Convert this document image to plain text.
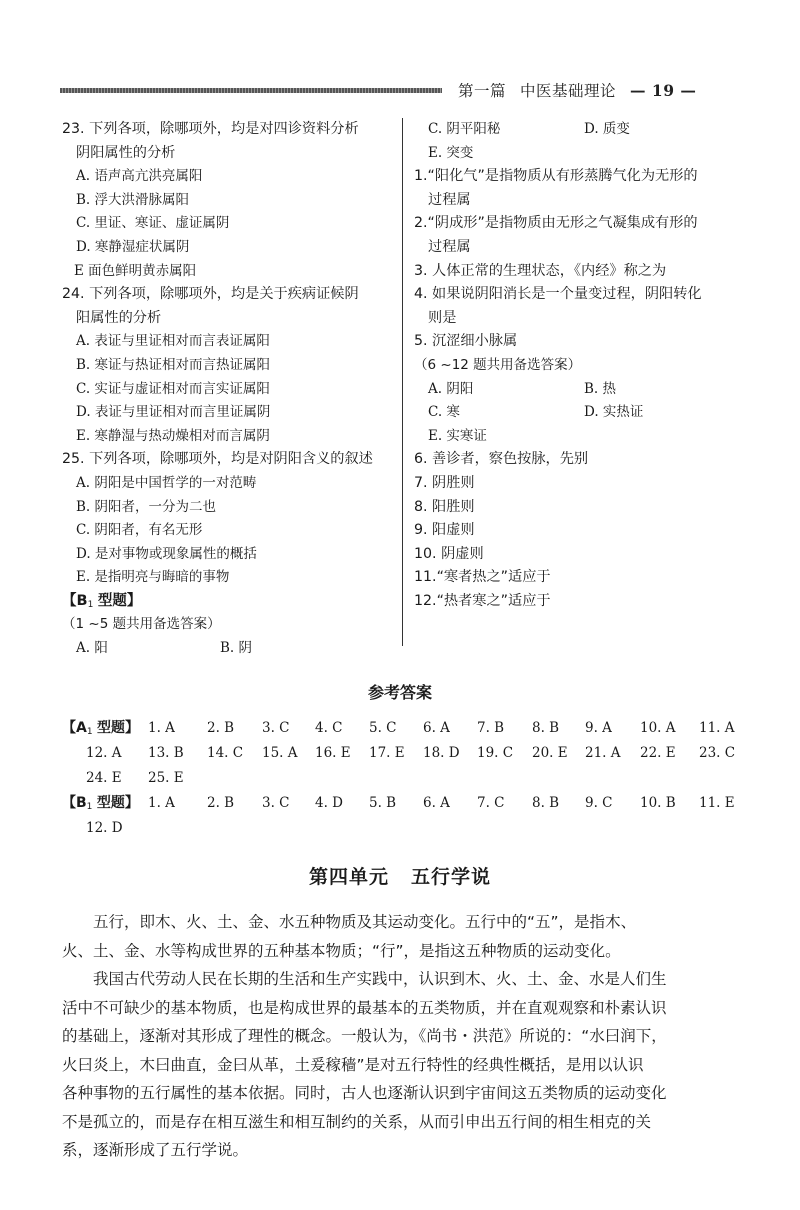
第一篇 中医基础理论 — 19 —
23. 下列各项，除哪项外，均是对四诊资料分析
阴阳属性的分析
A. 语声高亢洪亮属阳
B. 浮大洪滑脉属阳
C. 里证、寒证、虚证属阴
D. 寒静湿症状属阴
E 面色鲜明黄赤属阳
24. 下列各项，除哪项外，均是关于疾病证候阴
阳属性的分析
A. 表证与里证相对而言表证属阳
B. 寒证与热证相对而言热证属阳
C. 实证与虚证相对而言实证属阳
D. 表证与里证相对而言里证属阴
E. 寒静湿与热动燥相对而言属阴
25. 下列各项，除哪项外，均是对阴阳含义的叙述
A. 阴阳是中国哲学的一对范畴
B. 阴阳者，一分为二也
C. 阴阳者，有名无形
D. 是对事物或现象属性的概括
E. 是指明亮与晦暗的事物
【$B_1$ 型题】
（1 ~5 题共用备选答案）
A. 阳	B. 阴
C. 阴平阳秘	D. 质变
E. 突变
1.“阳化气”是指物质从有形蒸腾气化为无形的
过程属
2.“阴成形”是指物质由无形之气凝集成有形的
过程属
3. 人体正常的生理状态，《内经》称之为
4. 如果说阴阳消长是一个量变过程，阴阳转化
则是
5. 沉涩细小脉属
（6 ~12 题共用备选答案）
A. 阴阳	B. 热
C. 寒	D. 实热证
E. 实寒证
6. 善诊者，察色按脉，先别
7. 阴胜则
8. 阳胜则
9. 阳虚则
10. 阴虚则
11.“寒者热之”适应于
12.“热者寒之”适应于
参考答案
【$A_1$ 型题】 1. A 2. B 3. C 4. C 5. C 6. A 7. B 8. B 9. A 10. A 11. A
12. A 13. B 14. C 15. A 16. E 17. E 18. D 19. C 20. E 21. A 22. E 23. C
24. E 25. E
【$B_1$ 型题】 1. A 2. B 3. C 4. D 5. B 6. A 7. C 8. B 9. C 10. B 11. E
12. D
第四单元 五行学说
五行，即木、火、土、金、水五种物质及其运动变化。五行中的“五”，是指木、
火、土、金、水等构成世界的五种基本物质；“行”，是指这五种物质的运动变化。
我国古代劳动人民在长期的生活和生产实践中，认识到木、火、土、金、水是人们生
活中不可缺少的基本物质，也是构成世界的最基本的五类物质，并在直观观察和朴素认识
的基础上，逐渐对其形成了理性的概念。一般认为，《尚书・洪范》所说的：“水曰润下，
火曰炎上，木曰曲直，金曰从革，土爰稼穑”是对五行特性的经典性概括，是用以认识
各种事物的五行属性的基本依据。同时，古人也逐渐认识到宇宙间这五类物质的运动变化
不是孤立的，而是存在相互滋生和相互制约的关系，从而引申出五行间的相生相克的关
系，逐渐形成了五行学说。
